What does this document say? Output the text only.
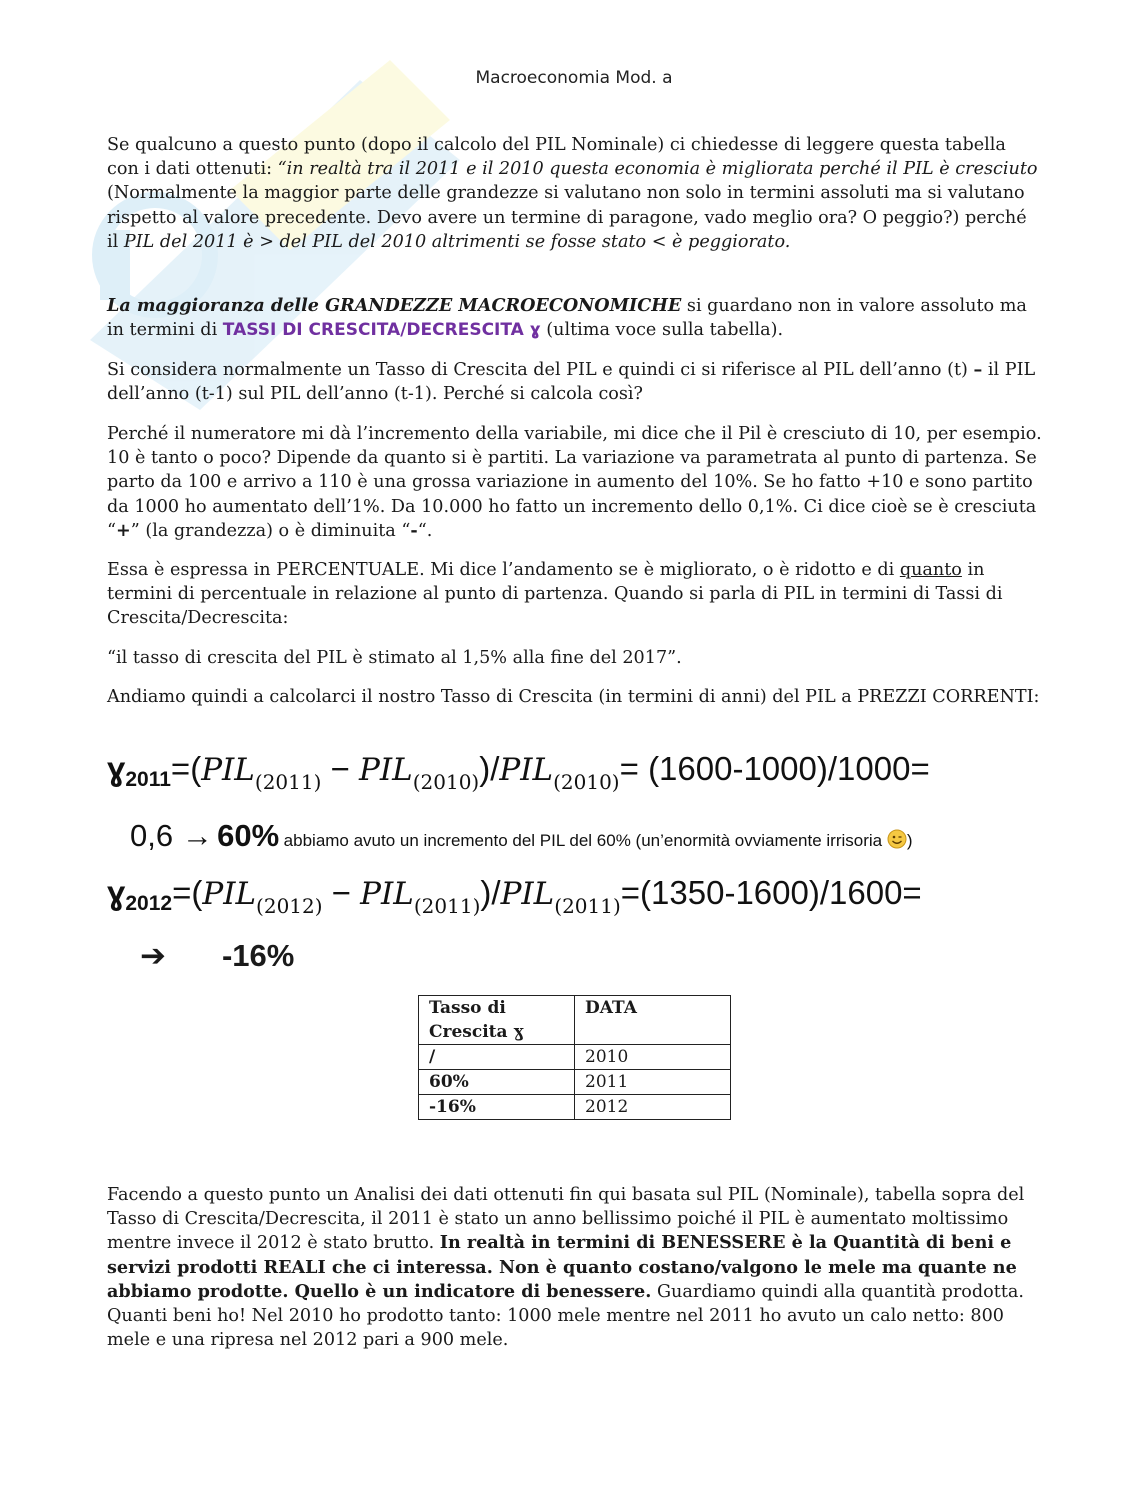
Macroeconomia Mod. a

Se qualcuno a questo punto (dopo il calcolo del PIL Nominale) ci chiedesse di leggere questa tabella con i dati ottenuti: “in realtà tra il 2011 e il 2010 questa economia è migliorata perché il PIL è cresciuto (Normalmente la maggior parte delle grandezze si valutano non solo in termini assoluti ma si valutano rispetto al valore precedente. Devo avere un termine di paragone, vado meglio ora? O peggio?) perché il PIL del 2011 è > del PIL del 2010 altrimenti se fosse stato < è peggiorato.

La maggioranza delle GRANDEZZE MACROECONOMICHE si guardano non in valore assoluto ma in termini di TASSI DI CRESCITA/DECRESCITA ɣ (ultima voce sulla tabella).

Si considera normalmente un Tasso di Crescita del PIL e quindi ci si riferisce al PIL dell’anno (t) – il PIL dell’anno (t-1) sul PIL dell’anno (t-1). Perché si calcola così?

Perché il numeratore mi dà l’incremento della variabile, mi dice che il Pil è cresciuto di 10, per esempio. 10 è tanto o poco? Dipende da quanto si è partiti. La variazione va parametrata al punto di partenza. Se parto da 100 e arrivo a 110 è una grossa variazione in aumento del 10%. Se ho fatto +10 e sono partito da 1000 ho aumentato dell’1%. Da 10.000 ho fatto un incremento dello 0,1%. Ci dice cioè se è cresciuta “+” (la grandezza) o è diminuita “-“.

Essa è espressa in PERCENTUALE. Mi dice l’andamento se è migliorato, o è ridotto e di quanto in termini di percentuale in relazione al punto di partenza. Quando si parla di PIL in termini di Tassi di Crescita/Decrescita:

“il tasso di crescita del PIL è stimato al 1,5% alla fine del 2017”.

Andiamo quindi a calcolarci il nostro Tasso di Crescita (in termini di anni) del PIL a PREZZI CORRENTI:

$ɣ_{2011}=(PIL_{(2011)} - PIL_{(2010)})/PIL_{(2010)}= (1600-1000)/1000=$
0,6 → 60% abbiamo avuto un incremento del PIL del 60% (un’enormità ovviamente irrisoria )
$ɣ_{2012}=(PIL_{(2012)} - PIL_{(2011)})/PIL_{(2011)}=(1350-1600)/1600=$
➔ -16%
Tasso di Crescita ɣ	DATA
/	2010
60%	2011
-16%	2012

Facendo a questo punto un Analisi dei dati ottenuti fin qui basata sul PIL (Nominale), tabella sopra del Tasso di Crescita/Decrescita, il 2011 è stato un anno bellissimo poiché il PIL è aumentato moltissimo mentre invece il 2012 è stato brutto. In realtà in termini di BENESSERE è la Quantità di beni e servizi prodotti REALI che ci interessa. Non è quanto costano/valgono le mele ma quante ne abbiamo prodotte. Quello è un indicatore di benessere. Guardiamo quindi alla quantità prodotta. Quanti beni ho! Nel 2010 ho prodotto tanto: 1000 mele mentre nel 2011 ho avuto un calo netto: 800 mele e una ripresa nel 2012 pari a 900 mele.
